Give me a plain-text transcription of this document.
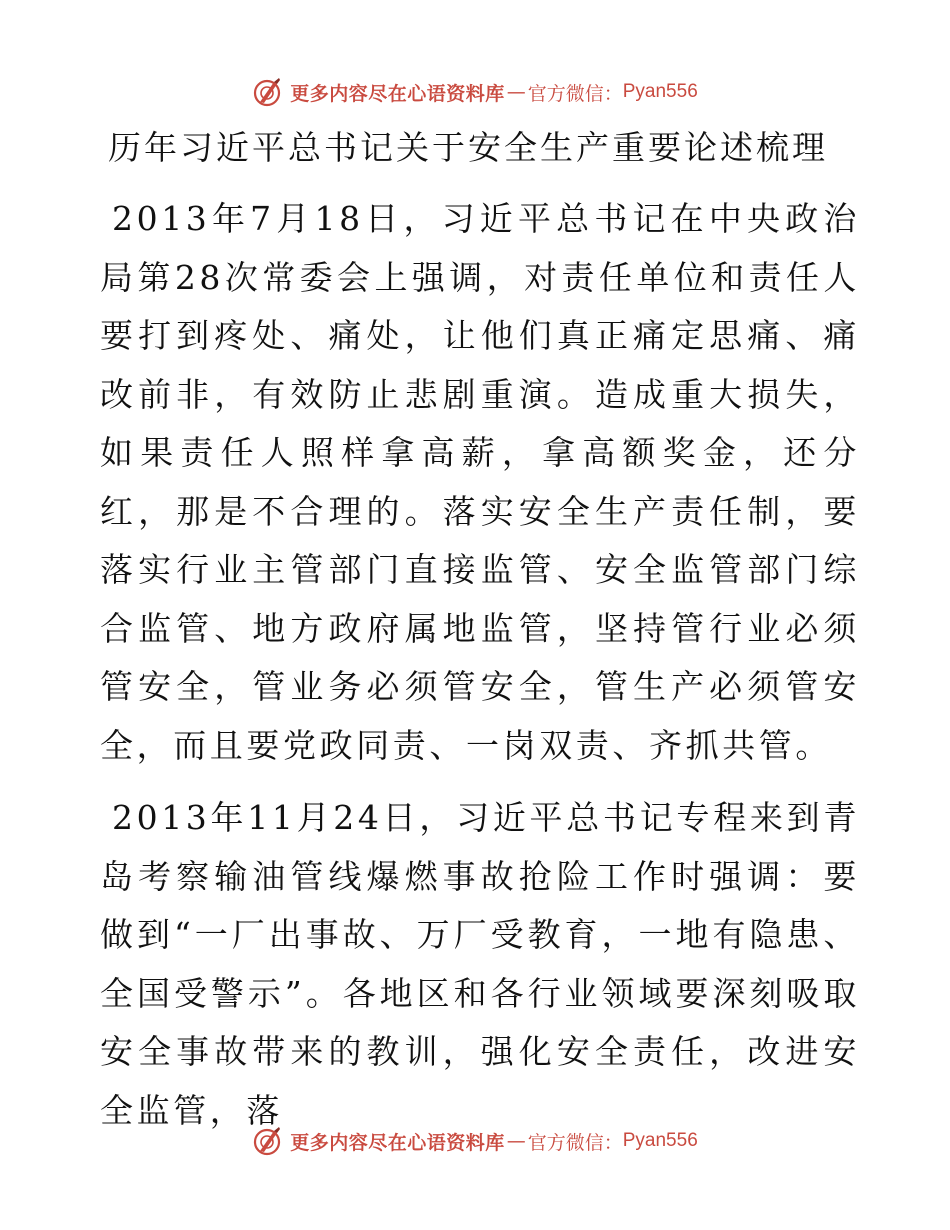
更多内容尽在心语资料库 — 官方微信： Pyan556
历年习近平总书记关于安全生产重要论述梳理

2013年7月18日，习近平总书记在中央政治局第28次常委会上强调，对责任单位和责任人要打到疼处、痛处，让他们真正痛定思痛、痛改前非，有效防止悲剧重演。造成重大损失，如果责任人照样拿高薪，拿高额奖金，还分红，那是不合理的。落实安全生产责任制，要落实行业主管部门直接监管、安全监管部门综合监管、地方政府属地监管，坚持管行业必须管安全，管业务必须管安全，管生产必须管安全，而且要党政同责、一岗双责、齐抓共管。

2013年11月24日，习近平总书记专程来到青岛考察输油管线爆燃事故抢险工作时强调：要做到“一厂出事故、万厂受教育，一地有隐患、全国受警示”。各地区和各行业领域要深刻吸取安全事故带来的教训，强化安全责任，改进安全监管，落

更多内容尽在心语资料库 — 官方微信： Pyan556
